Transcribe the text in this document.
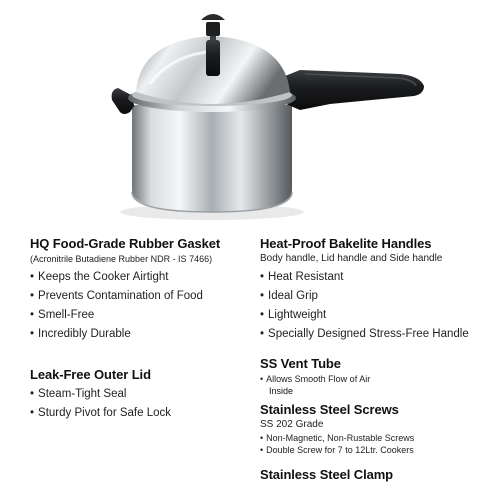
HQ Food-Grade Rubber Gasket
(Acronitrile Butadiene Rubber NDR - IS 7466)
• Keeps the Cooker Airtight
• Prevents Contamination of Food
• Smell-Free
• Incredibly Durable
Heat-Proof Bakelite Handles
Body handle, Lid handle and Side handle
• Heat Resistant
• Ideal Grip
• Lightweight
• Specially Designed Stress-Free Handle
Leak-Free Outer Lid
• Steam-Tight Seal
• Sturdy Pivot for Safe Lock
SS Vent Tube
• Allows Smooth Flow of Air
Inside
Stainless Steel Screws
SS 202 Grade
• Non-Magnetic, Non-Rustable Screws
• Double Screw for 7 to 12Ltr. Cookers
Stainless Steel Clamp
